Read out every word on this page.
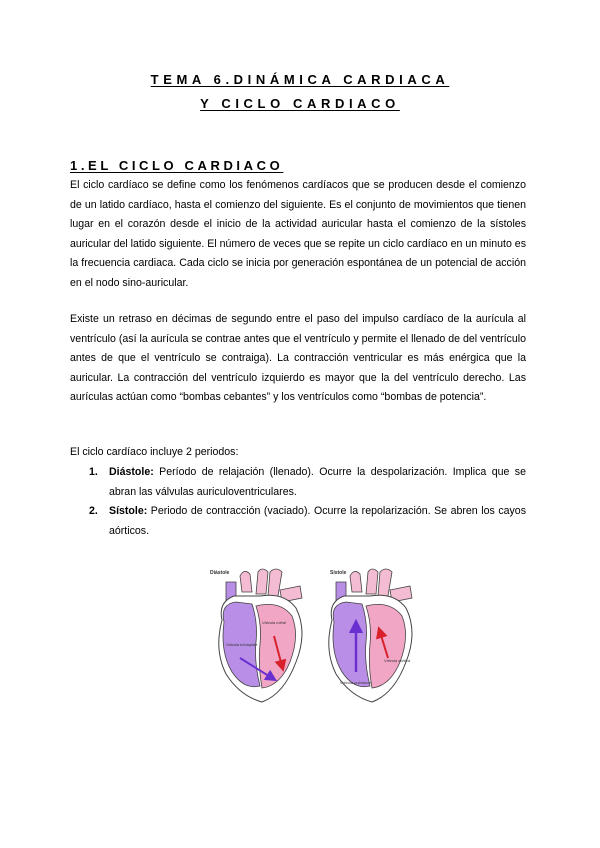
TEMA 6.DINÁMICA CARDIACA
Y CICLO CARDIACO
1.EL CICLO CARDIACO

El ciclo cardíaco se define como los fenómenos cardíacos que se producen desde el comienzo de un latido cardíaco, hasta el comienzo del siguiente. Es el conjunto de movimientos que tienen lugar en el corazón desde el inicio de la actividad auricular hasta el comienzo de la sístoles auricular del latido siguiente. El número de veces que se repite un ciclo cardíaco en un minuto es la frecuencia cardiaca. Cada ciclo se inicia por generación espontánea de un potencial de acción en el nodo sino-auricular.

Existe un retraso en décimas de segundo entre el paso del impulso cardíaco de la aurícula al ventrículo (así la aurícula se contrae antes que el ventrículo y permite el llenado de del ventrículo antes de que el ventrículo se contraiga). La contracción ventricular es más enérgica que la auricular. La contracción del ventrículo izquierdo es mayor que la del ventrículo derecho. Las aurículas actúan como “bombas cebantes” y los ventrículos como “bombas de potencia”.

El ciclo cardíaco incluye 2 periodos:

1. Diástole: Período de relajación (llenado). Ocurre la despolarización. Implica que se abran las válvulas auriculoventriculares.
2. Sístole: Periodo de contracción (vaciado). Ocurre la repolarización. Se abren los cayos aórticos.
Diástole
Válvula mitral
Válvula tricúspide
Sístole
Válvula aórtica
Válvula pulmonar
